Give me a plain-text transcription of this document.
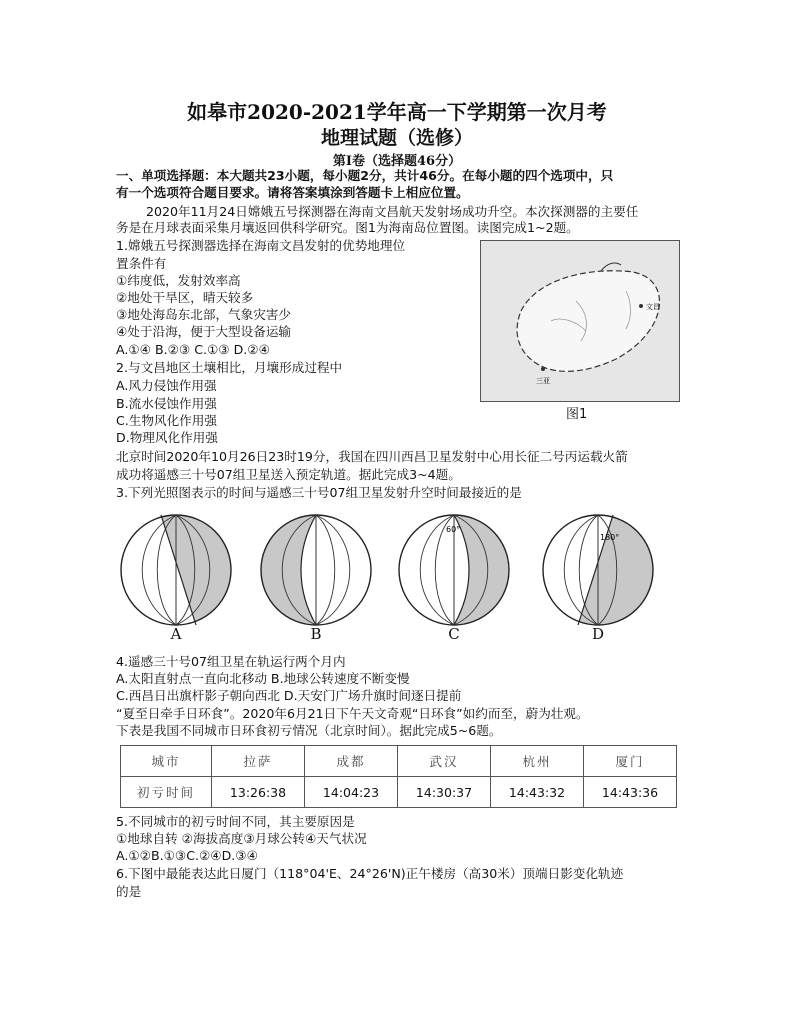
如皋市2020-2021学年高一下学期第一次月考
地理试题（选修）
第Ⅰ卷（选择题46分）
一、单项选择题：本大题共23小题，每小题2分，共计46分。在每小题的四个选项中，只
有一个选项符合题目要求。请将答案填涂到答题卡上相应位置。
2020年11月24日嫦娥五号探测器在海南文昌航天发射场成功升空。本次探测器的主要任
务是在月球表面采集月壤返回供科学研究。图1为海南岛位置图。读图完成1~2题。
1.嫦娥五号探测器选择在海南文昌发射的优势地理位
置条件有
①纬度低，发射效率高
②地处干旱区，晴天较多
③地处海岛东北部，气象灾害少
④处于沿海，便于大型设备运输
A.①④ B.②③ C.①③ D.②④
2.与文昌地区土壤相比，月壤形成过程中
A.风力侵蚀作用强
B.流水侵蚀作用强
C.生物风化作用强
D.物理风化作用强
文昌
三亚
图1
北京时间2020年10月26日23时19分，我国在四川西昌卫星发射中心用长征二号丙运载火箭
成功将遥感三十号07组卫星送入预定轨道。据此完成3~4题。
3.下列光照图表示的时间与遥感三十号07组卫星发射升空时间最接近的是
A	B
60°
C
180°
D
4.遥感三十号07组卫星在轨运行两个月内
A.太阳直射点一直向北移动 B.地球公转速度不断变慢
C.西昌日出旗杆影子朝向西北 D.天安门广场升旗时间逐日提前
“夏至日牵手日环食”。2020年6月21日下午天文奇观“日环食”如约而至，蔚为壮观。
下表是我国不同城市日环食初亏情况（北京时间）。据此完成5~6题。
城市	拉萨	成都	武汉	杭州	厦门
初亏时间	13:26:38	14:04:23	14:30:37	14:43:32	14:43:36
5.不同城市的初亏时间不同，其主要原因是
①地球自转 ②海拔高度③月球公转④天气状况
A.①②B.①③C.②④D.③④
6.下图中最能表达此日厦门（118°04'E、24°26'N)正午楼房（高30米）顶端日影变化轨迹
的是
